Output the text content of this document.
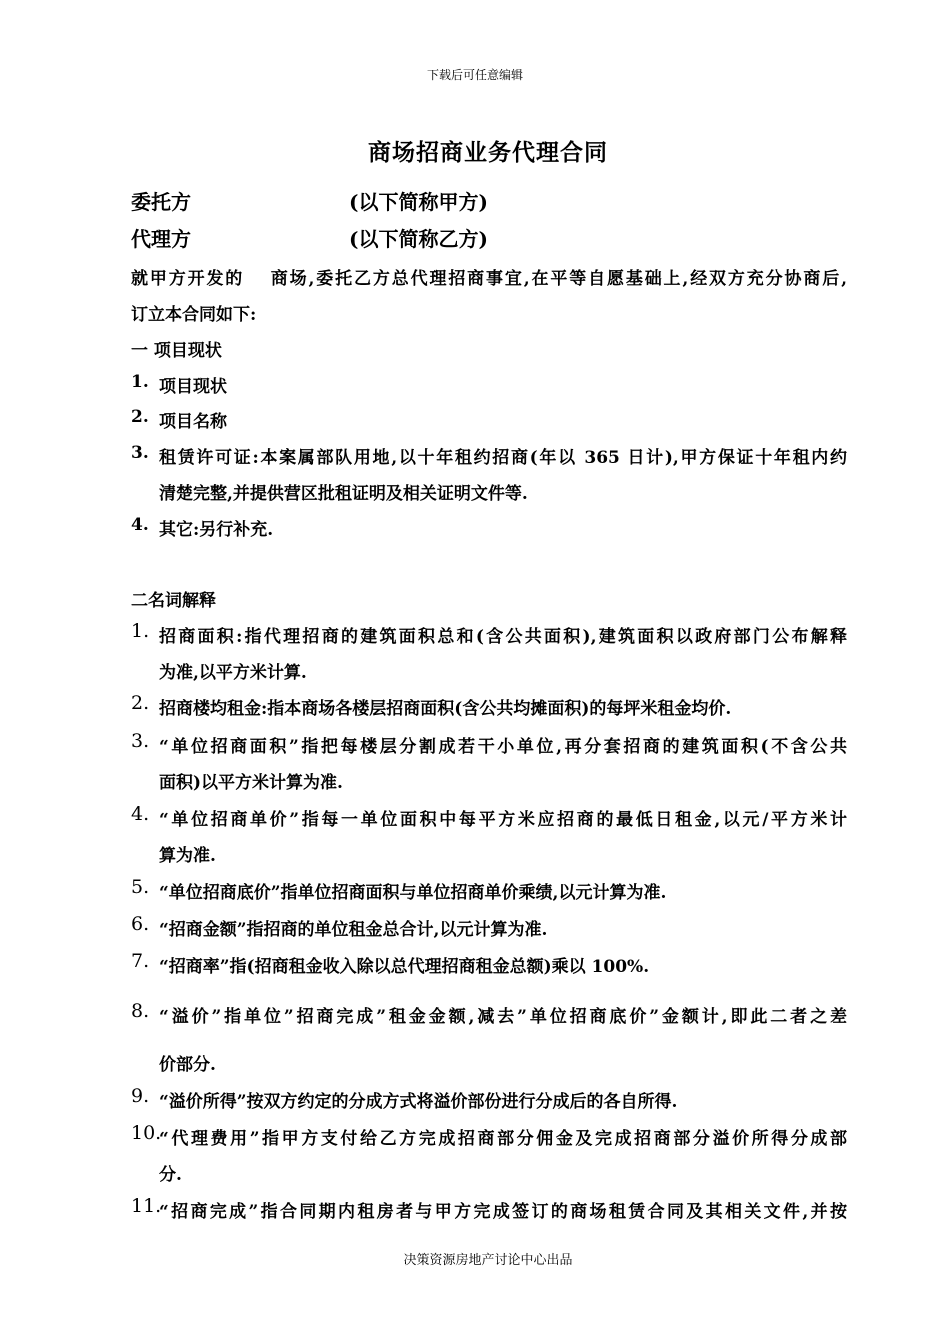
下载后可任意编辑
商场招商业务代理合同
委托方	(以下简称甲方)
代理方	(以下简称乙方)
就甲方开发的　 商场,委托乙方总代理招商事宜,在平等自愿基础上,经双方充分协商后,
订立本合同如下:
一 项目现状
1. 项目现状
2. 项目名称
3. 租赁许可证:本案属部队用地,以十年租约招商(年以 365 日计),甲方保证十年租内约
清楚完整,并提供营区批租证明及相关证明文件等.
4. 其它:另行补充.
二名词解释
1. 招商面积:指代理招商的建筑面积总和(含公共面积),建筑面积以政府部门公布解释
为准,以平方米计算.
2. 招商楼均租金:指本商场各楼层招商面积(含公共均摊面积)的每坪米租金均价.
3. “单位招商面积”指把每楼层分割成若干小单位,再分套招商的建筑面积(不含公共
面积)以平方米计算为准.
4. “单位招商单价”指每一单位面积中每平方米应招商的最低日租金,以元/平方米计
算为准.
5. “单位招商底价”指单位招商面积与单位招商单价乘绩,以元计算为准.
6. “招商金额”指招商的单位租金总合计,以元计算为准.
7. “招商率”指(招商租金收入除以总代理招商租金总额)乘以 100%.
8. “溢价”指单位”招商完成”租金金额,减去”单位招商底价”金额计,即此二者之差
价部分.
9. “溢价所得”按双方约定的分成方式将溢价部份进行分成后的各自所得.
10.
“代理费用”指甲方支付给乙方完成招商部分佣金及完成招商部分溢价所得分成部
分.
11.
“招商完成”指合同期内租房者与甲方完成签订的商场租赁合同及其相关文件,并按
决策资源房地产讨论中心出品
